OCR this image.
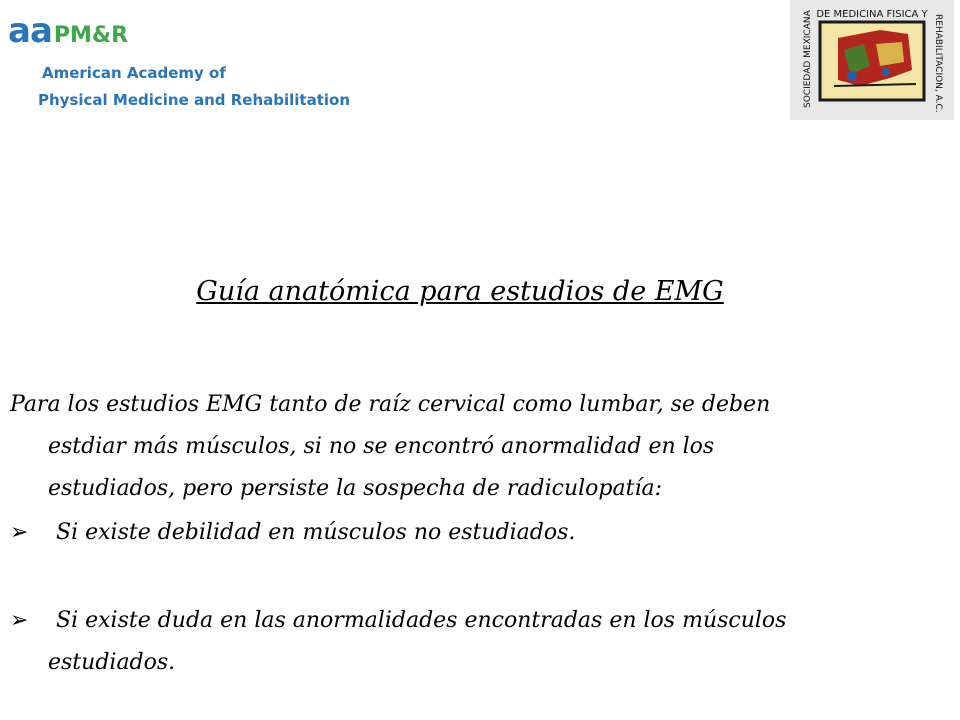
aaPM&R
American Academy of
Physical Medicine and Rehabilitation
DE MEDICINA FISICA Y
SOCIEDAD MEXICANA	REHABILITACION, A.C.
Guía anatómica para estudios de EMG
Para los estudios EMG tanto de raíz cervical como lumbar, se deben
estdiar más músculos, si no se encontró anormalidad en los
estudiados, pero persiste la sospecha de radiculopatía:
➢ Si existe debilidad en músculos no estudiados.
➢ Si existe duda en las anormalidades encontradas en los músculos
estudiados.
